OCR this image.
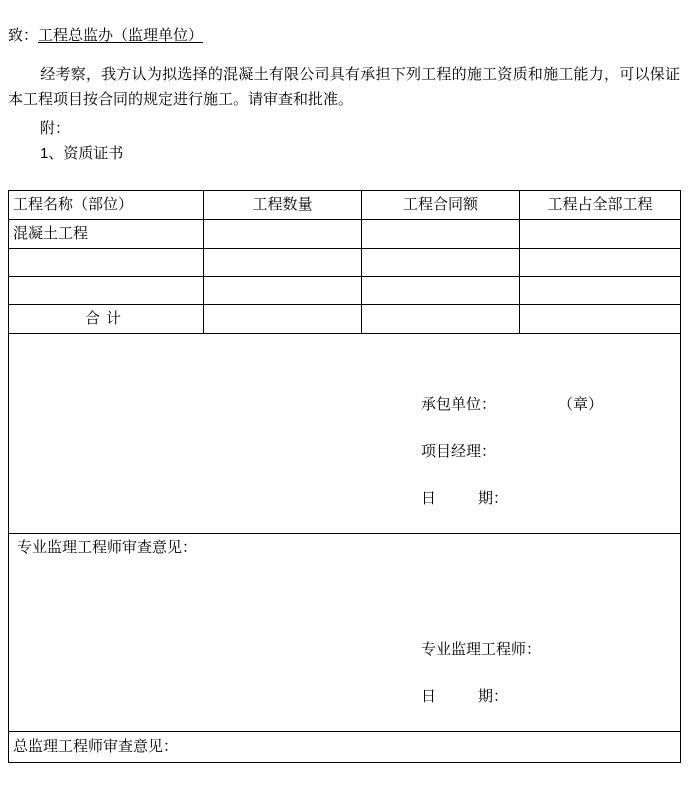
致：工程总监办（监理单位）
经考察，我方认为拟选择的混凝土有限公司具有承担下列工程的施工资质和施工能力，可以保证本工程项目按合同的规定进行施工。请审查和批准。
附：
1、资质证书
工程名称（部位）	工程数量	工程合同额	工程占全部工程
混凝土工程			

合计			

承包单位： （章）
项目经理：
日 期：			

专业监理工程师审查意见：
专业监理工程师：
日 期：			

总监理工程师审查意见：			
